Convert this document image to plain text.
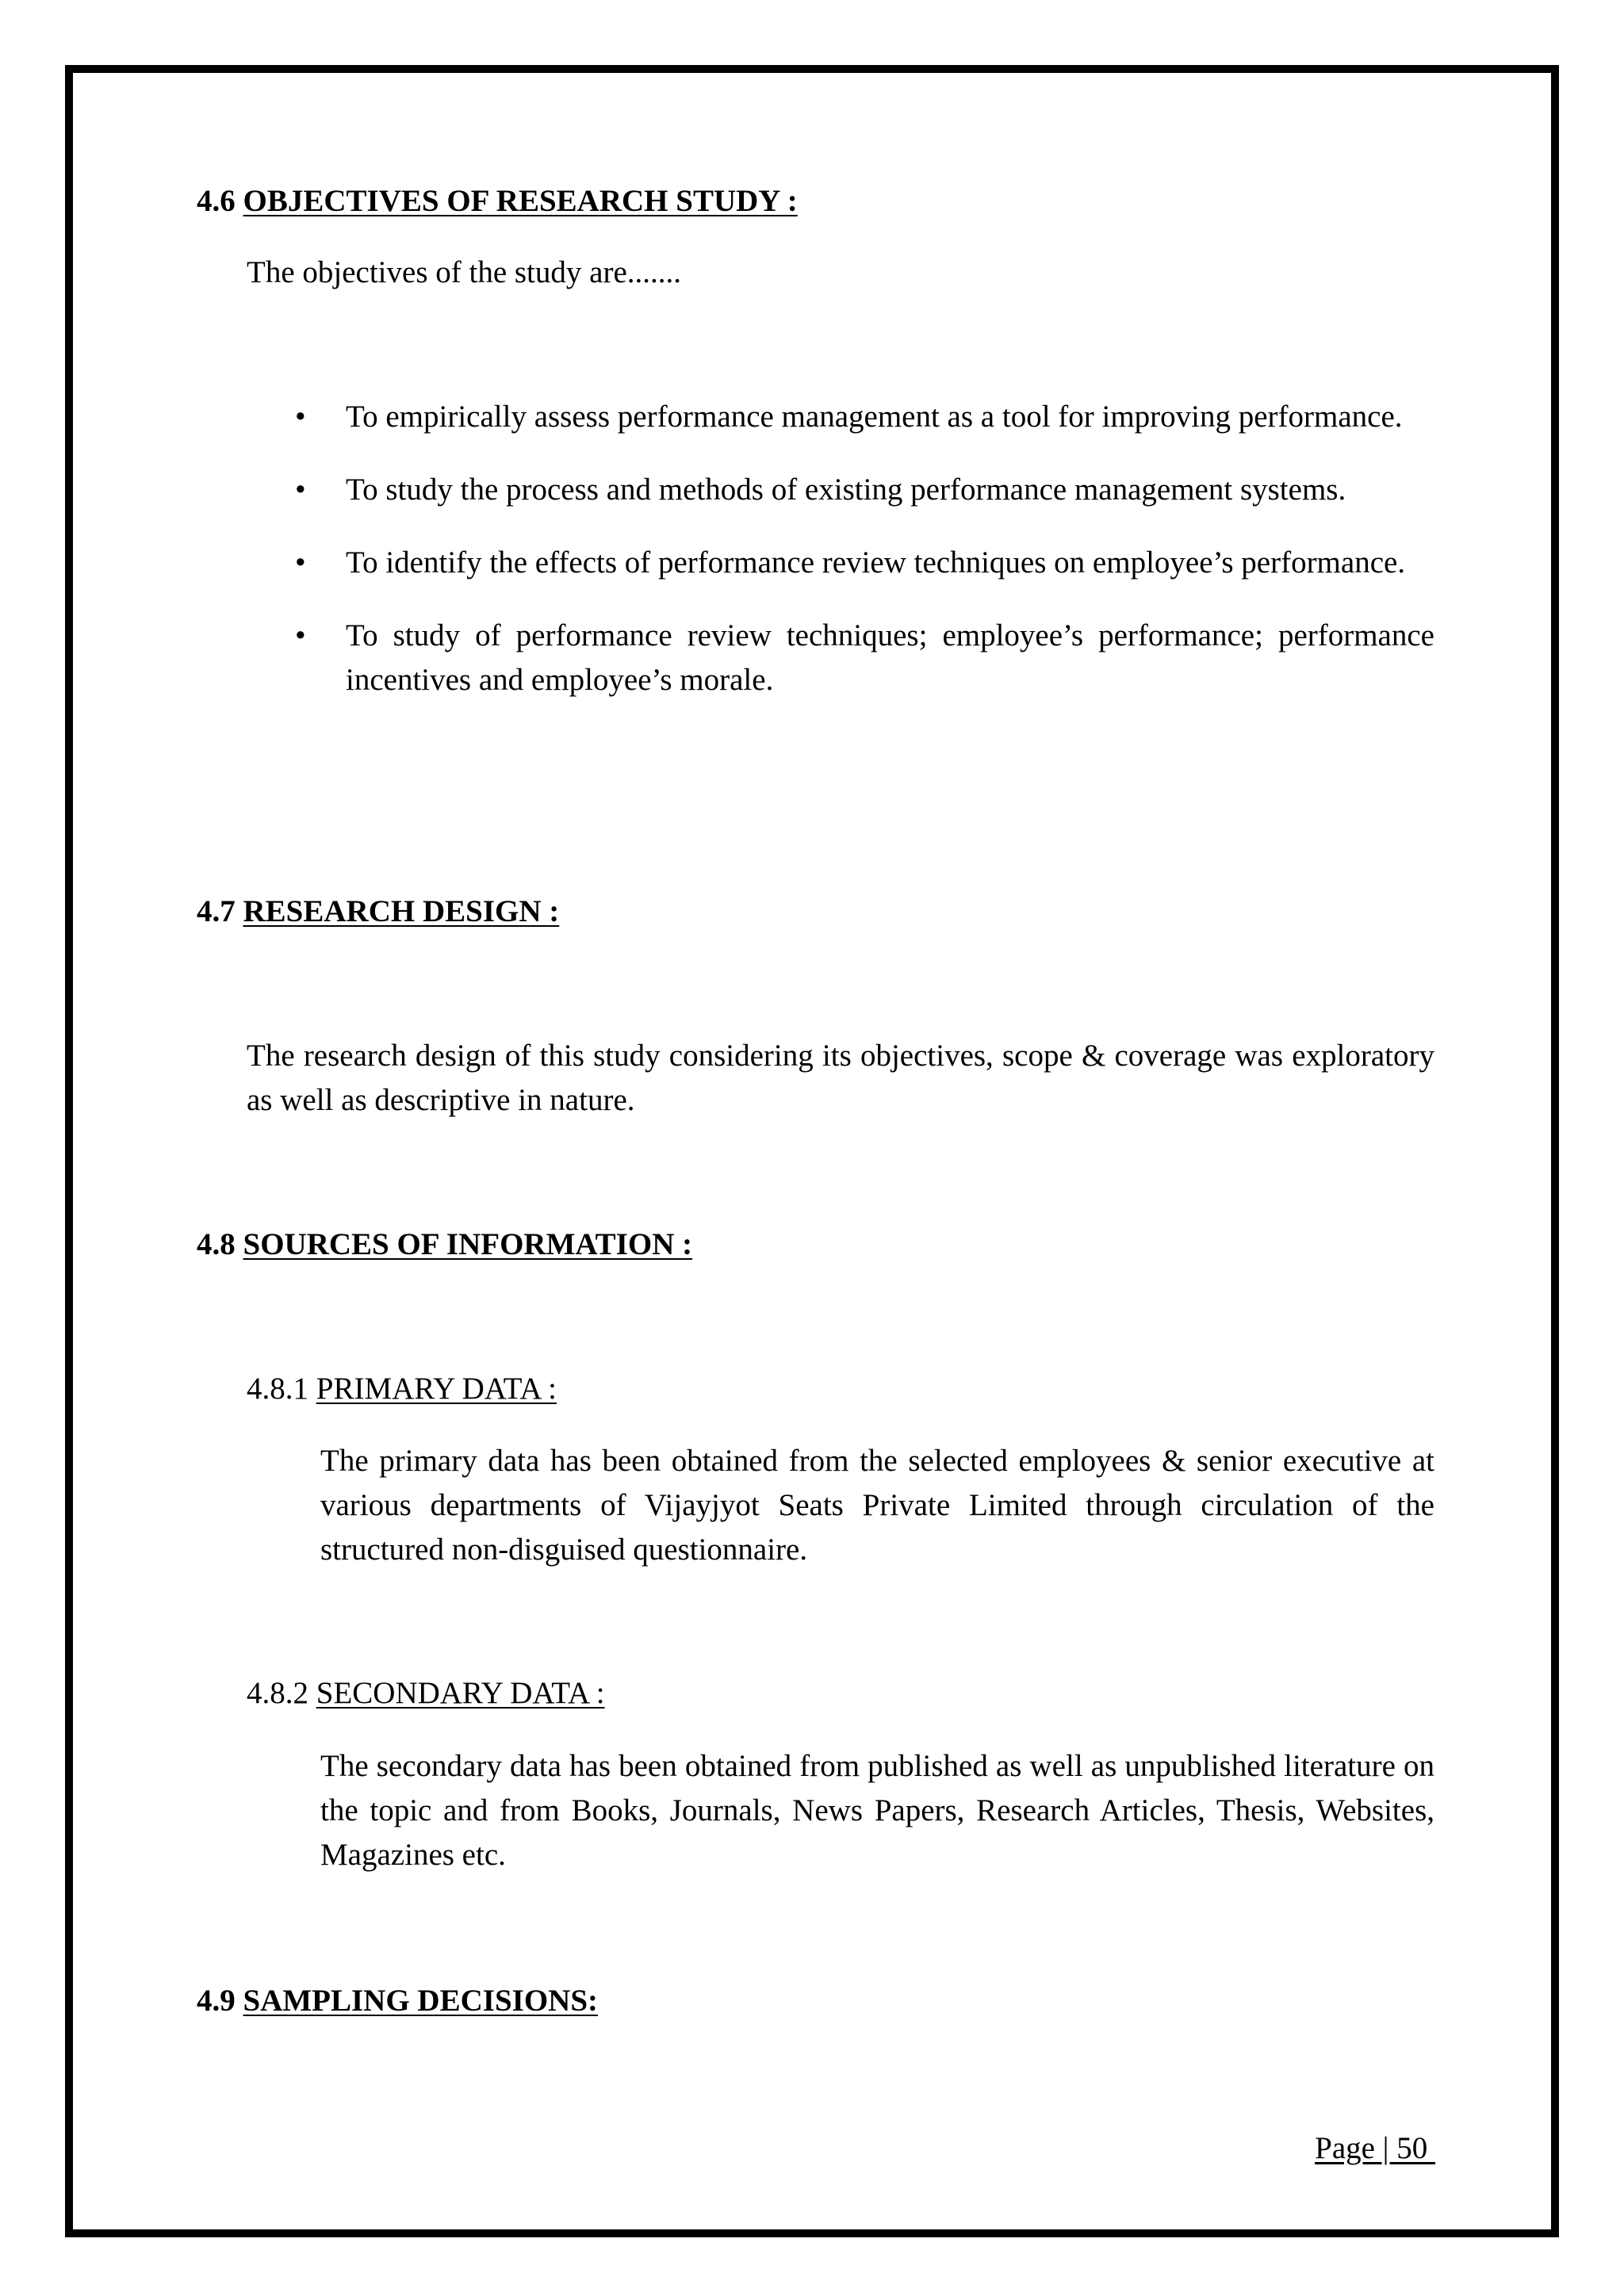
4.6 OBJECTIVES OF RESEARCH STUDY :
The objectives of the study are.......
•	To empirically assess performance management as a tool for improving performance.
•	To study the process and methods of existing performance management systems.
•	To identify the effects of performance review techniques on employee’s performance.
•	To study of performance review techniques; employee’s performance; performance incentives and employee’s morale.
4.7 RESEARCH DESIGN :
The research design of this study considering its objectives, scope & coverage was exploratory as well as descriptive in nature.
4.8 SOURCES OF INFORMATION :
4.8.1 PRIMARY DATA :
The primary data has been obtained from the selected employees & senior executive at various departments of Vijayjyot Seats Private Limited through circulation of the structured non-disguised questionnaire.
4.8.2 SECONDARY DATA :
The secondary data has been obtained from published as well as unpublished literature on the topic and from Books, Journals, News Papers, Research Articles, Thesis, Websites, Magazines etc.
4.9 SAMPLING DECISIONS:
Page | 50
